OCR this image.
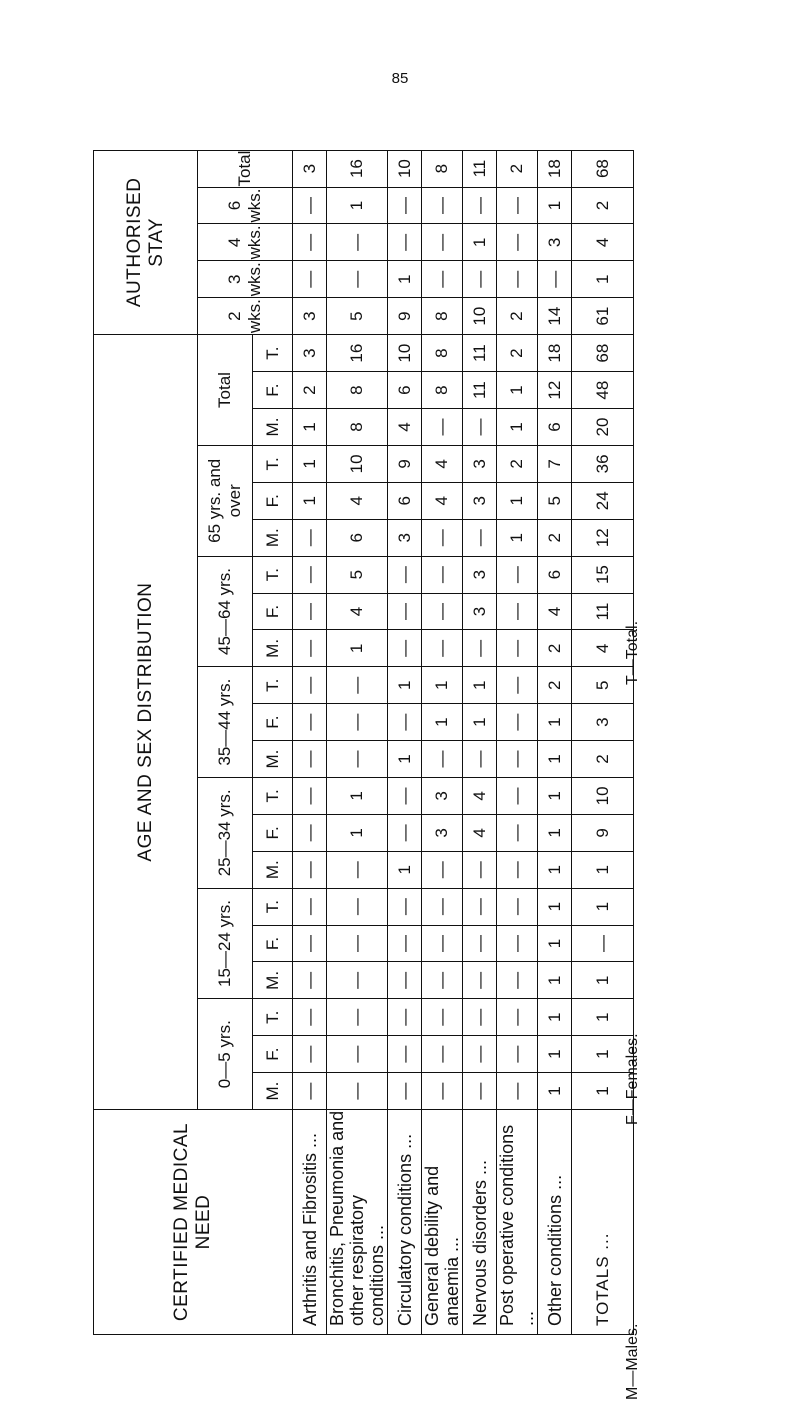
85
CERTIFIED MEDICAL NEED	AGE AND SEX DISTRIBUTION																					AUTHORISED STAY				
	0—5 yrs.			15—24 yrs.			25—34 yrs.			35—44 yrs.			45—64 yrs.			65 yrs. and over			Total			2 wks.	3 wks.	4 wks.	6 wks.	Total
	M.	F.	T.	M.	F.	T.	M.	F.	T.	M.	F.	T.	M.	F.	T.	M.	F.	T.	M.	F.	T.					
Arthritis and Fibrositis ...	—	—	—	—	—	—	—	—	—	—	—	—	—	—	—	—	1	1	1	2	3	3	—	—	—	3
Bronchitis, Pneumonia and other respiratory conditions ...	—	—	—	—	—	—	—	1	1	—	—	—	1	4	5	6	4	10	8	8	16	5	—	—	1	16
Circulatory conditions ...	—	—	—	—	—	—	1	—	—	1	—	1	—	—	—	3	6	9	4	6	10	9	1	—	—	10
General debility and anaemia ...	—	—	—	—	—	—	—	3	3	—	1	1	—	—	—	—	4	4	—	8	8	8	—	—	—	8
Nervous disorders ...	—	—	—	—	—	—	—	4	4	—	1	1	—	3	3	—	3	3	—	11	11	10	—	1	—	11
Post operative conditions ...	—	—	—	—	—	—	—	—	—	—	—	—	—	—	—	1	1	2	1	1	2	2	—	—	—	2
Other conditions ...	1	1	1	1	1	1	1	1	1	1	1	2	2	4	6	2	5	7	6	12	18	14	—	3	1	18
TOTALS ...	1	1	1	1	—	1	1	9	10	2	3	5	4	11	15	12	24	36	20	48	68	61	1	4	2	68
M—Males.
F—Females.
T—Total.
